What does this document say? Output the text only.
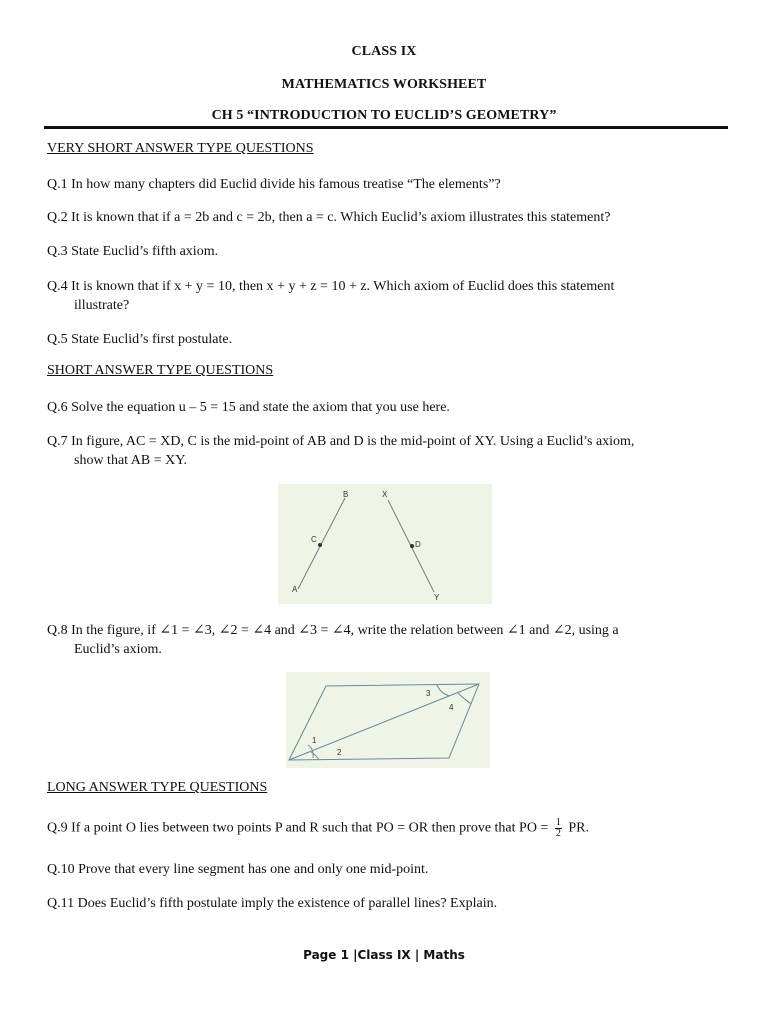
CLASS IX
MATHEMATICS WORKSHEET
CH 5 “INTRODUCTION TO EUCLID’S GEOMETRY”
VERY SHORT ANSWER TYPE QUESTIONS
Q.1 In how many chapters did Euclid divide his famous treatise “The elements”?
Q.2 It is known that if a = 2b and c = 2b, then a = c. Which Euclid’s axiom illustrates this statement?
Q.3 State Euclid’s fifth axiom.
Q.4 It is known that if x + y = 10, then x + y + z = 10 + z. Which axiom of Euclid does this statement
illustrate?
Q.5 State Euclid’s first postulate.
SHORT ANSWER TYPE QUESTIONS
Q.6 Solve the equation u – 5 = 15 and state the axiom that you use here.
Q.7 In figure, AC = XD, C is the mid-point of AB and D is the mid-point of XY. Using a Euclid’s axiom,
show that AB = XY.
A
B
C
X
D
Y
Q.8 In the figure, if ∠1 = ∠3, ∠2 = ∠4 and ∠3 = ∠4, write the relation between ∠1 and ∠2, using a
Euclid’s axiom.
1
2
3
4
LONG ANSWER TYPE QUESTIONS
Q.9 If a point O lies between two points P and R such that PO = OR then prove that PO = $\frac{1}{2}$ PR.
Q.10 Prove that every line segment has one and only one mid-point.
Q.11 Does Euclid’s fifth postulate imply the existence of parallel lines? Explain.
Page 1 |Class IX | Maths
